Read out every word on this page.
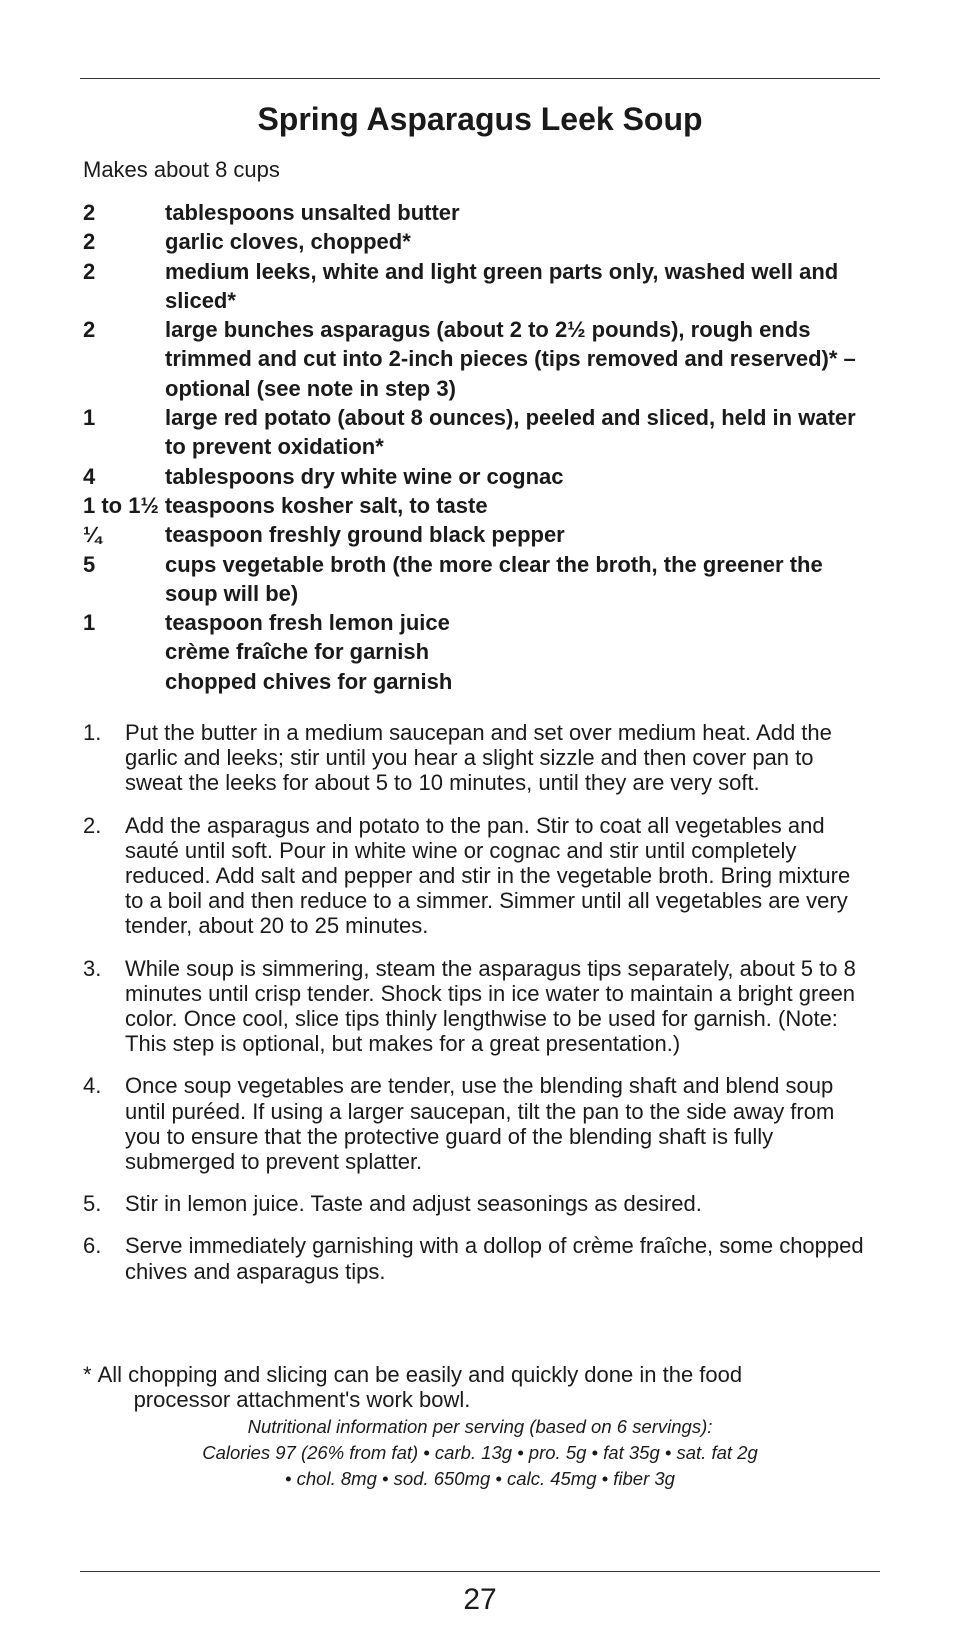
Spring Asparagus Leek Soup

Makes about 8 cups

2	tablespoons unsalted butter
2	garlic cloves, chopped*
2	medium leeks, white and light green parts only, washed well and sliced*
2	large bunches asparagus (about 2 to 2½ pounds), rough ends trimmed and cut into 2-inch pieces (tips removed and reserved)* – optional (see note in step 3)
1	large red potato (about 8 ounces), peeled and sliced, held in water to prevent oxidation*
4	tablespoons dry white wine or cognac
1 to 1½ teaspoons kosher salt, to taste
¼	teaspoon freshly ground black pepper
5	cups vegetable broth (the more clear the broth, the greener the soup will be)
1	teaspoon fresh lemon juice
crème fraîche for garnish
chopped chives for garnish
1.	Put the butter in a medium saucepan and set over medium heat. Add the garlic and leeks; stir until you hear a slight sizzle and then cover pan to sweat the leeks for about 5 to 10 minutes, until they are very soft.
2.	Add the asparagus and potato to the pan. Stir to coat all vegetables and sauté until soft. Pour in white wine or cognac and stir until completely reduced. Add salt and pepper and stir in the vegetable broth. Bring mixture to a boil and then reduce to a simmer. Simmer until all vegetables are very tender, about 20 to 25 minutes.
3.	While soup is simmering, steam the asparagus tips separately, about 5 to 8 minutes until crisp tender. Shock tips in ice water to maintain a bright green color. Once cool, slice tips thinly lengthwise to be used for garnish. (Note: This step is optional, but makes for a great presentation.)
4.	Once soup vegetables are tender, use the blending shaft and blend soup until puréed. If using a larger saucepan, tilt the pan to the side away from you to ensure that the protective guard of the blending shaft is fully submerged to prevent splatter.
5.	Stir in lemon juice. Taste and adjust seasonings as desired.
6.	Serve immediately garnishing with a dollop of crème fraîche, some chopped chives and asparagus tips.
* All chopping and slicing can be easily and quickly done in the food
processor attachment's work bowl.

Nutritional information per serving (based on 6 servings):
Calories 97 (26% from fat) • carb. 13g • pro. 5g • fat 35g • sat. fat 2g
• chol. 8mg • sod. 650mg • calc. 45mg • fiber 3g

27
